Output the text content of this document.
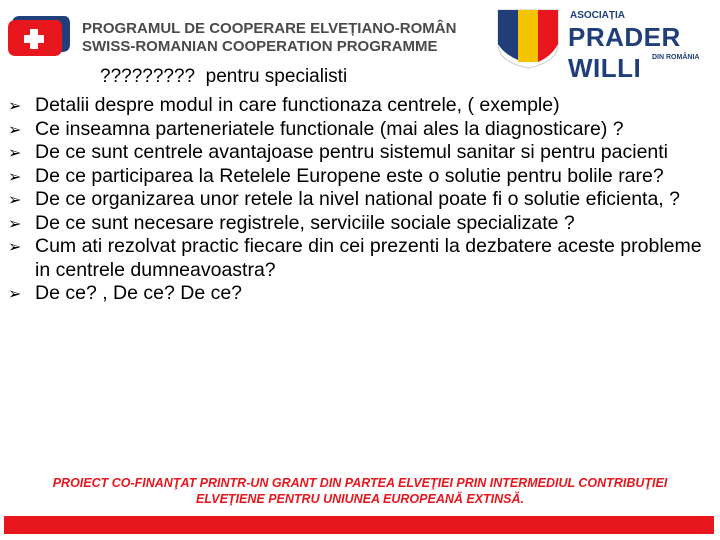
PROGRAMUL DE COOPERARE ELVEȚIANO-ROMÂN
SWISS-ROMANIAN COOPERATION PROGRAMME
ASOCIAȚIA
PRADER WILLI	DIN ROMÂNIA
?????????  pentru specialisti
➢ Detalii despre modul in care functionaza centrele, ( exemple)
➢ Ce inseamna parteneriatele functionale (mai ales la diagnosticare) ?
➢ De ce sunt centrele avantajoase pentru sistemul sanitar si pentru pacienti
➢ De ce participarea la Retelele Europene este o solutie pentru bolile rare?
➢ De ce organizarea unor retele la nivel national poate fi o solutie eficienta, ?
➢ De ce sunt necesare registrele, serviciile sociale specializate ?
➢ Cum ati rezolvat practic fiecare din cei prezenti la dezbatere aceste probleme in centrele dumneavoastra?
➢ De ce? , De ce? De ce?
PROIECT CO-FINANŢAT PRINTR-UN GRANT DIN PARTEA ELVEŢIEI PRIN INTERMEDIUL CONTRIBUŢIEI
ELVEŢIENE PENTRU UNIUNEA EUROPEANĂ EXTINSĂ.
